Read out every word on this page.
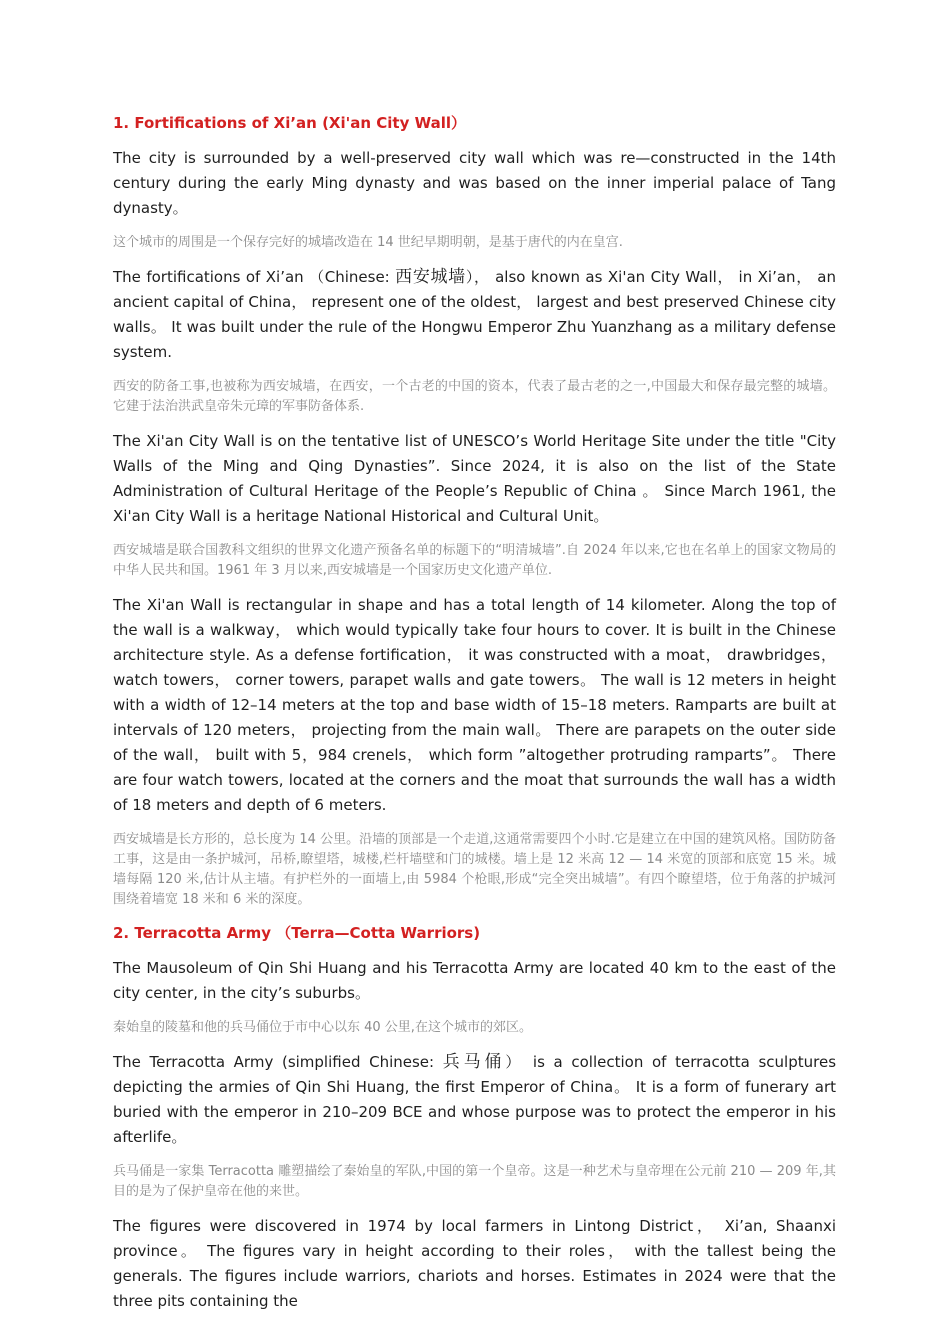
1. Fortifications of Xi’an (Xi'an City Wall）

The city is surrounded by a well-preserved city wall which was re—constructed in the 14th century during the early Ming dynasty and was based on the inner imperial palace of Tang dynasty。

这个城市的周围是一个保存完好的城墙改造在 14 世纪早期明朝，是基于唐代的内在皇宫.

The fortifications of Xi’an （Chinese: 西安城墙）， also known as Xi'an City Wall， in Xi’an， an ancient capital of China， represent one of the oldest， largest and best preserved Chinese city walls。 It was built under the rule of the Hongwu Emperor Zhu Yuanzhang as a military defense system.

西安的防备工事,也被称为西安城墙，在西安，一个古老的中国的资本，代表了最古老的之一,中国最大和保存最完整的城墙。它建于法治洪武皇帝朱元璋的军事防备体系.

The Xi'an City Wall is on the tentative list of UNESCO’s World Heritage Site under the title "City Walls of the Ming and Qing Dynasties”. Since 2024, it is also on the list of the State Administration of Cultural Heritage of the People’s Republic of China 。 Since March 1961, the Xi'an City Wall is a heritage National Historical and Cultural Unit。

西安城墙是联合国教科文组织的世界文化遗产预备名单的标题下的“明清城墙”.自 2024 年以来,它也在名单上的国家文物局的中华人民共和国。1961 年 3 月以来,西安城墙是一个国家历史文化遗产单位.

The Xi'an Wall is rectangular in shape and has a total length of 14 kilometer. Along the top of the wall is a walkway， which would typically take four hours to cover. It is built in the Chinese architecture style. As a defense fortification， it was constructed with a moat， drawbridges， watch towers， corner towers, parapet walls and gate towers。 The wall is 12 meters in height with a width of 12–14 meters at the top and base width of 15–18 meters. Ramparts are built at intervals of 120 meters， projecting from the main wall。 There are parapets on the outer side of the wall， built with 5，984 crenels， which form ”altogether protruding ramparts”。 There are four watch towers, located at the corners and the moat that surrounds the wall has a width of 18 meters and depth of 6 meters.

西安城墙是长方形的，总长度为 14 公里。沿墙的顶部是一个走道,这通常需要四个小时.它是建立在中国的建筑风格。国防防备工事，这是由一条护城河，吊桥,瞭望塔，城楼,栏杆墙壁和门的城楼。墙上是 12 米高 12 — 14 米宽的顶部和底宽 15 米。城墙每隔 120 米,估计从主墙。有护栏外的一面墙上,由 5984 个枪眼,形成“完全突出城墙”。有四个瞭望塔，位于角落的护城河围绕着墙宽 18 米和 6 米的深度。

2. Terracotta Army （Terra—Cotta Warriors)

The Mausoleum of Qin Shi Huang and his Terracotta Army are located 40 km to the east of the city center, in the city’s suburbs。

秦始皇的陵墓和他的兵马俑位于市中心以东 40 公里,在这个城市的郊区。

The Terracotta Army (simplified Chinese: 兵马俑） is a collection of terracotta sculptures depicting the armies of Qin Shi Huang, the first Emperor of China。 It is a form of funerary art buried with the emperor in 210–209 BCE and whose purpose was to protect the emperor in his afterlife。

兵马俑是一家集 Terracotta 雕塑描绘了秦始皇的军队,中国的第一个皇帝。这是一种艺术与皇帝埋在公元前 210 — 209 年,其目的是为了保护皇帝在他的来世。

The figures were discovered in 1974 by local farmers in Lintong District， Xi’an, Shaanxi province。 The figures vary in height according to their roles， with the tallest being the generals. The figures include warriors, chariots and horses. Estimates in 2024 were that the three pits containing the
